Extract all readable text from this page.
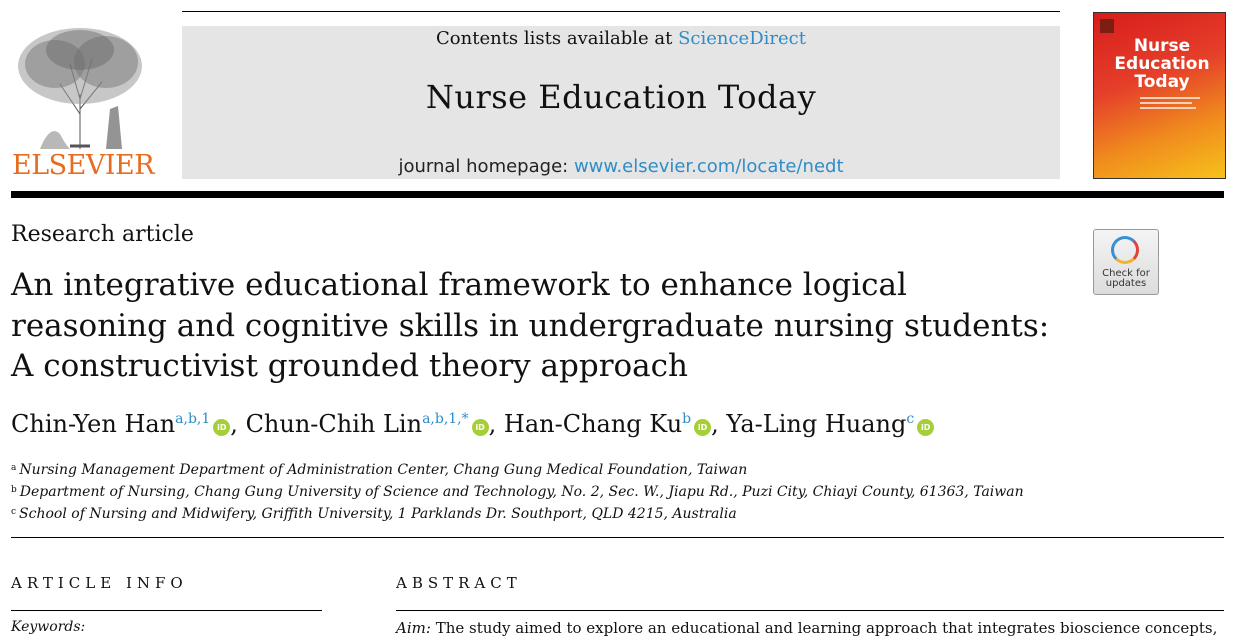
ELSEVIER
Contents lists available at ScienceDirect
Nurse Education Today
journal homepage: www.elsevier.com/locate/nedt
Nurse Education Today
Research article
An integrative educational framework to enhance logical reasoning and cognitive skills in undergraduate nursing students: A constructivist grounded theory approach
Check for updates
Chin-Yen Han$^{a,b,1}$iD , Chun-Chih Lin$^{a,b,1,*}$iD , Han-Chang Ku$^b$iD , Ya-Ling Huang$^c$iD
$^a$ Nursing Management Department of Administration Center, Chang Gung Medical Foundation, Taiwan
$^b$ Department of Nursing, Chang Gung University of Science and Technology, No. 2, Sec. W., Jiapu Rd., Puzi City, Chiayi County, 61363, Taiwan
$^c$ School of Nursing and Midwifery, Griffith University, 1 Parklands Dr. Southport, QLD 4215, Australia
ARTICLE INFO	ABSTRACT
Keywords:	Aim: The study aimed to explore an educational and learning approach that integrates bioscience concepts,
